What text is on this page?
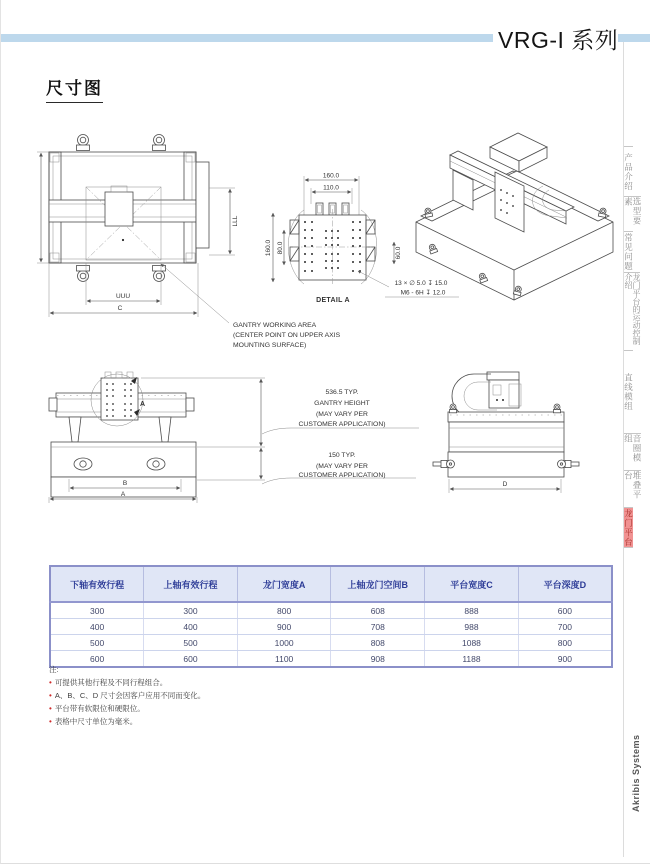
VRG-I 系列
尺寸图
LLL
UUU
C
GANTRY WORKING AREA
(CENTER POINT ON UPPER AXIS
MOUNTING SURFACE)
160.0
110.0
160.0 80.0	60.0
DETAIL A
13 × ∅ 5.0 ↧ 15.0
M6 - 6H ↧ 12.0
A
B
A
536.5 TYP.
GANTRY HEIGHT
(MAY VARY PER
CUSTOMER APPLICATION)
150 TYP.
(MAY VARY PER
CUSTOMER APPLICATION)
D
下轴有效行程	上轴有效行程	龙门宽度A	上轴龙门空间B	平台宽度C	平台深度D
300	300	800	608	888	600
400	400	900	708	988	700
500	500	1000	808	1088	800
600	600	1100	908	1188	900
注:
• 可提供其他行程及不同行程组合。
• A、B、C、D 尺寸会因客户应用不同而变化。
• 平台带有软限位和硬限位。
• 表格中尺寸单位为毫米。
产品介绍
选型要素
常见问题
龙门平台的运动控制介绍
直线模组
音圈模组
堆叠平台
龙门平台
Akribis Systems
